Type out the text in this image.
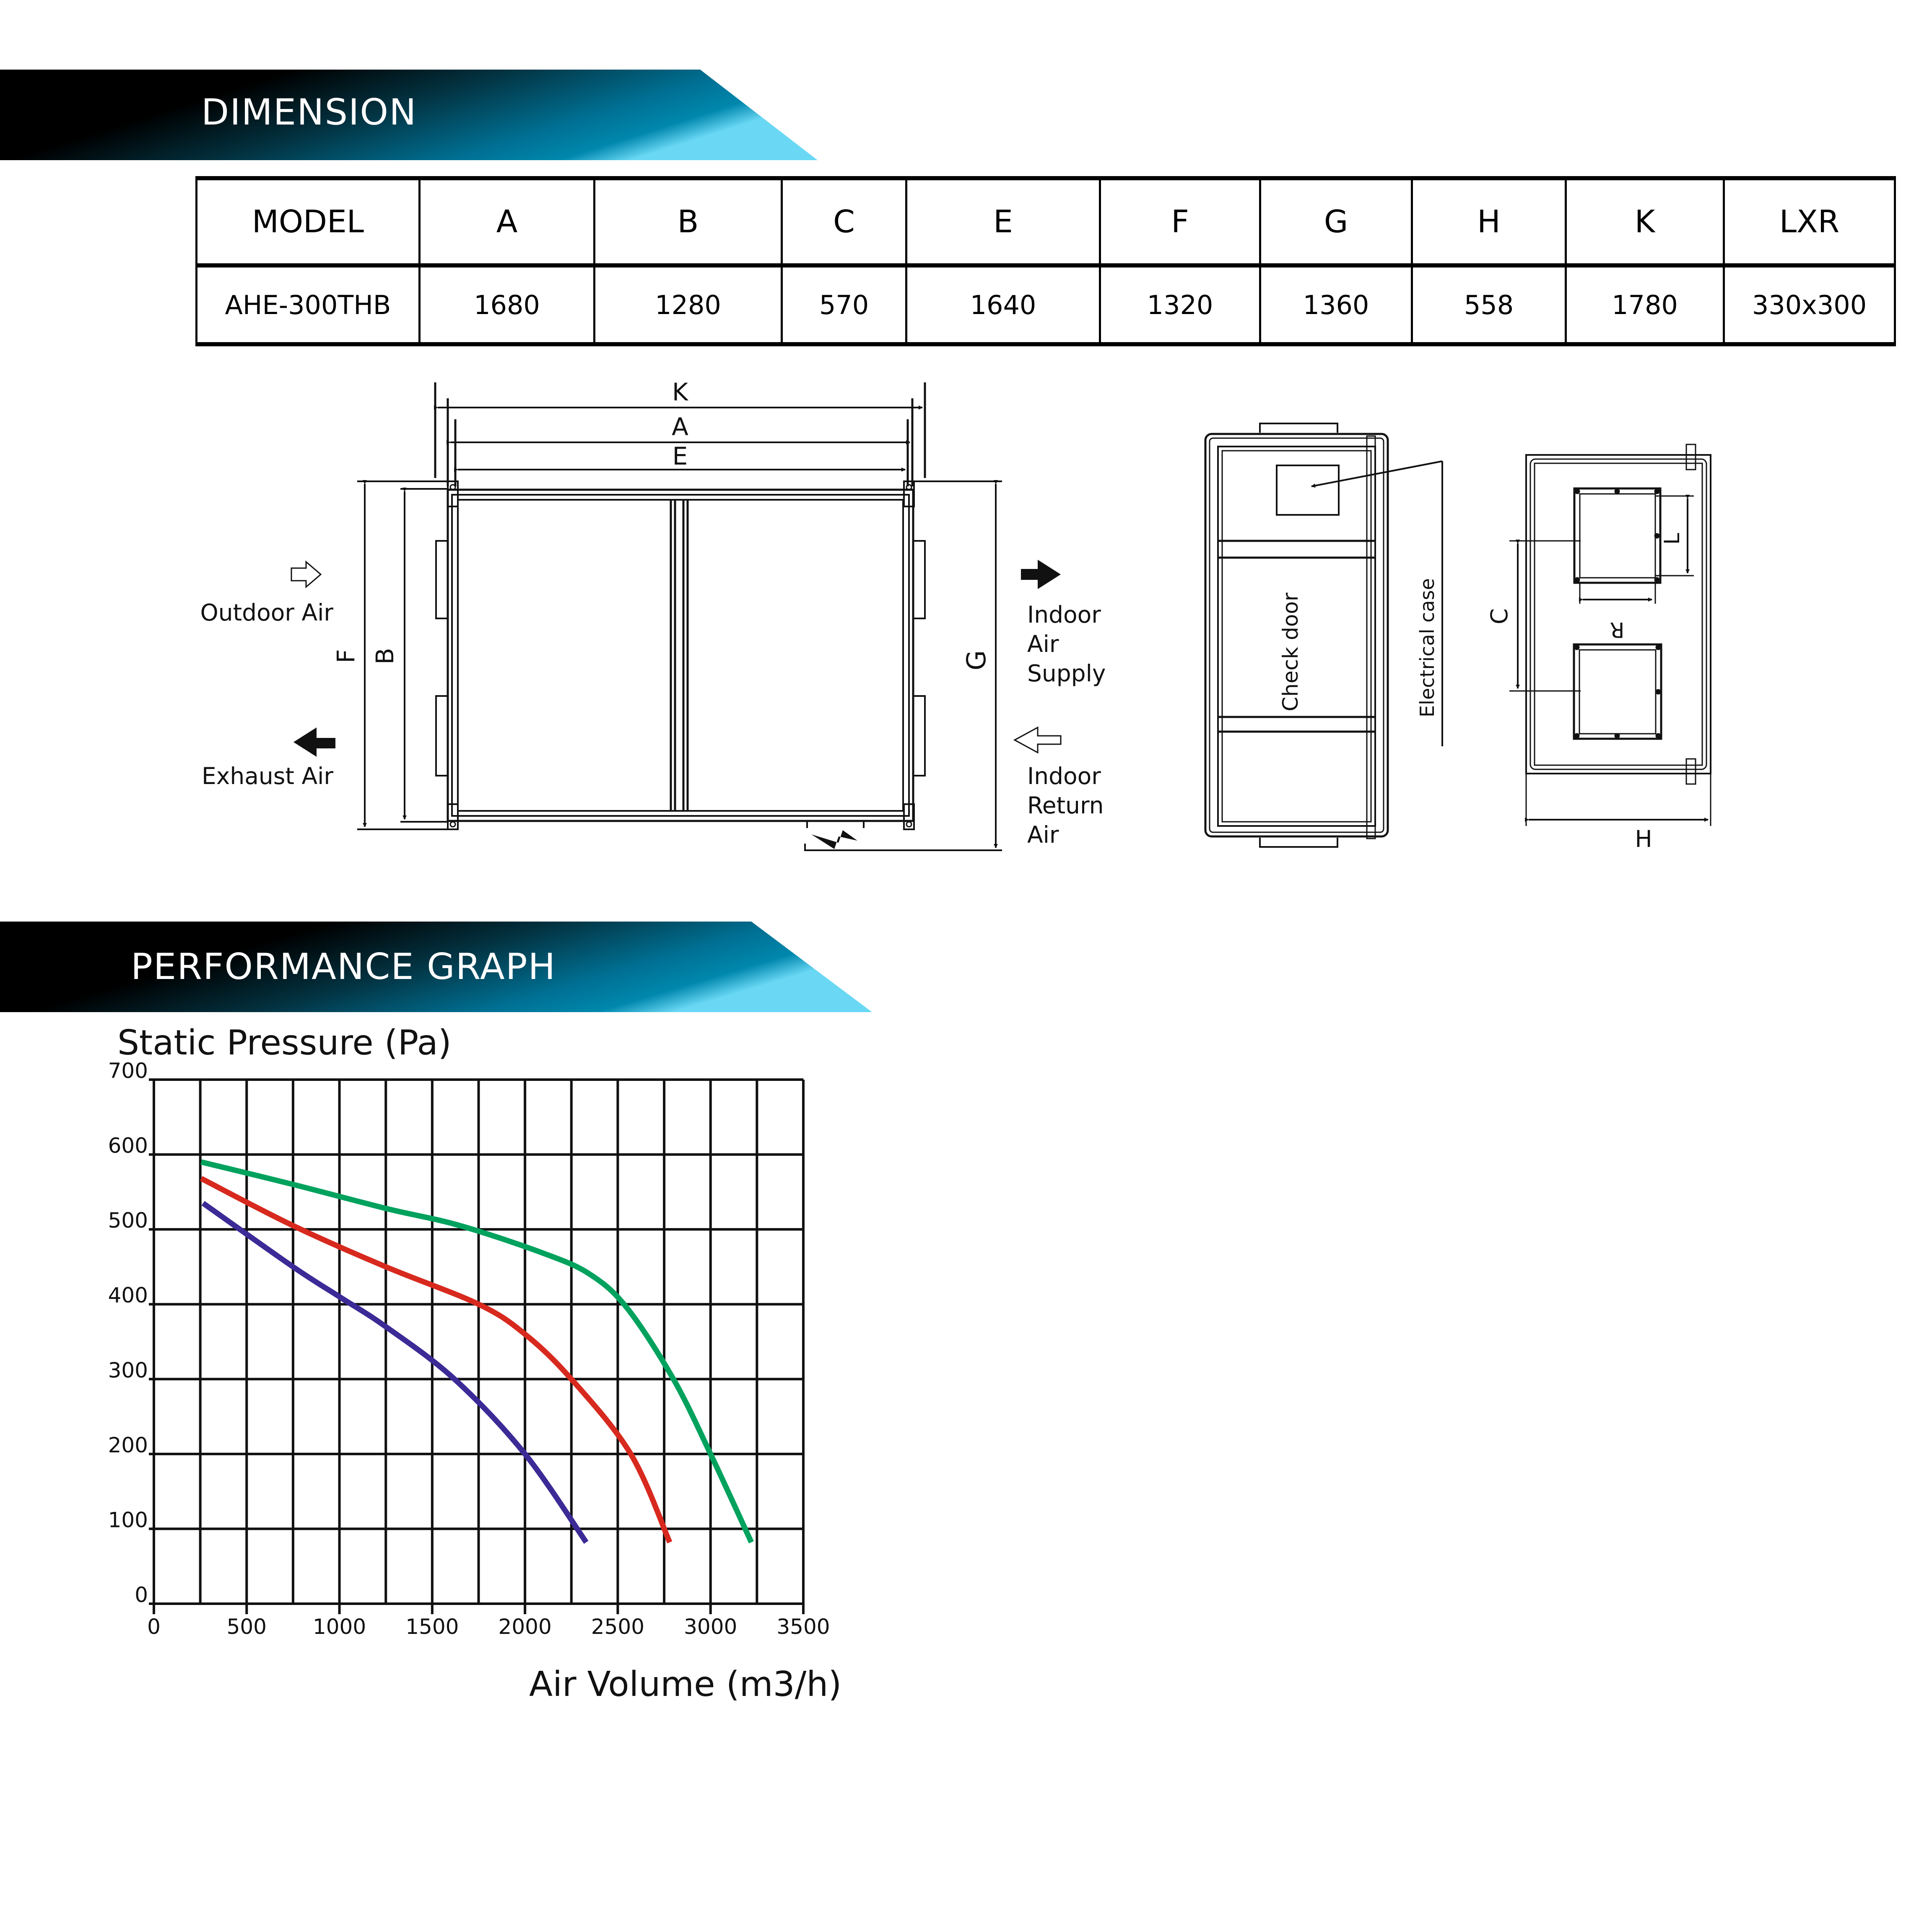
DIMENSION
MODEL	A	B	C	E	F	G	H	K	LXR
AHE-300THB	1680	1280	570	1640	1320	1360	558	1780	330x300
K
A
E
F B	G
Outdoor Air
Exhaust Air
Indoor
Air
Supply
Indoor
Return
Air
Check door	Electrical case
L
R
C
H
PERFORMANCE GRAPH
Static Pressure (Pa)
Air Volume (m3/h)
0
100
200
300
400
500
600
700
0	500 1000 1500 2000 2500 3000 3500
